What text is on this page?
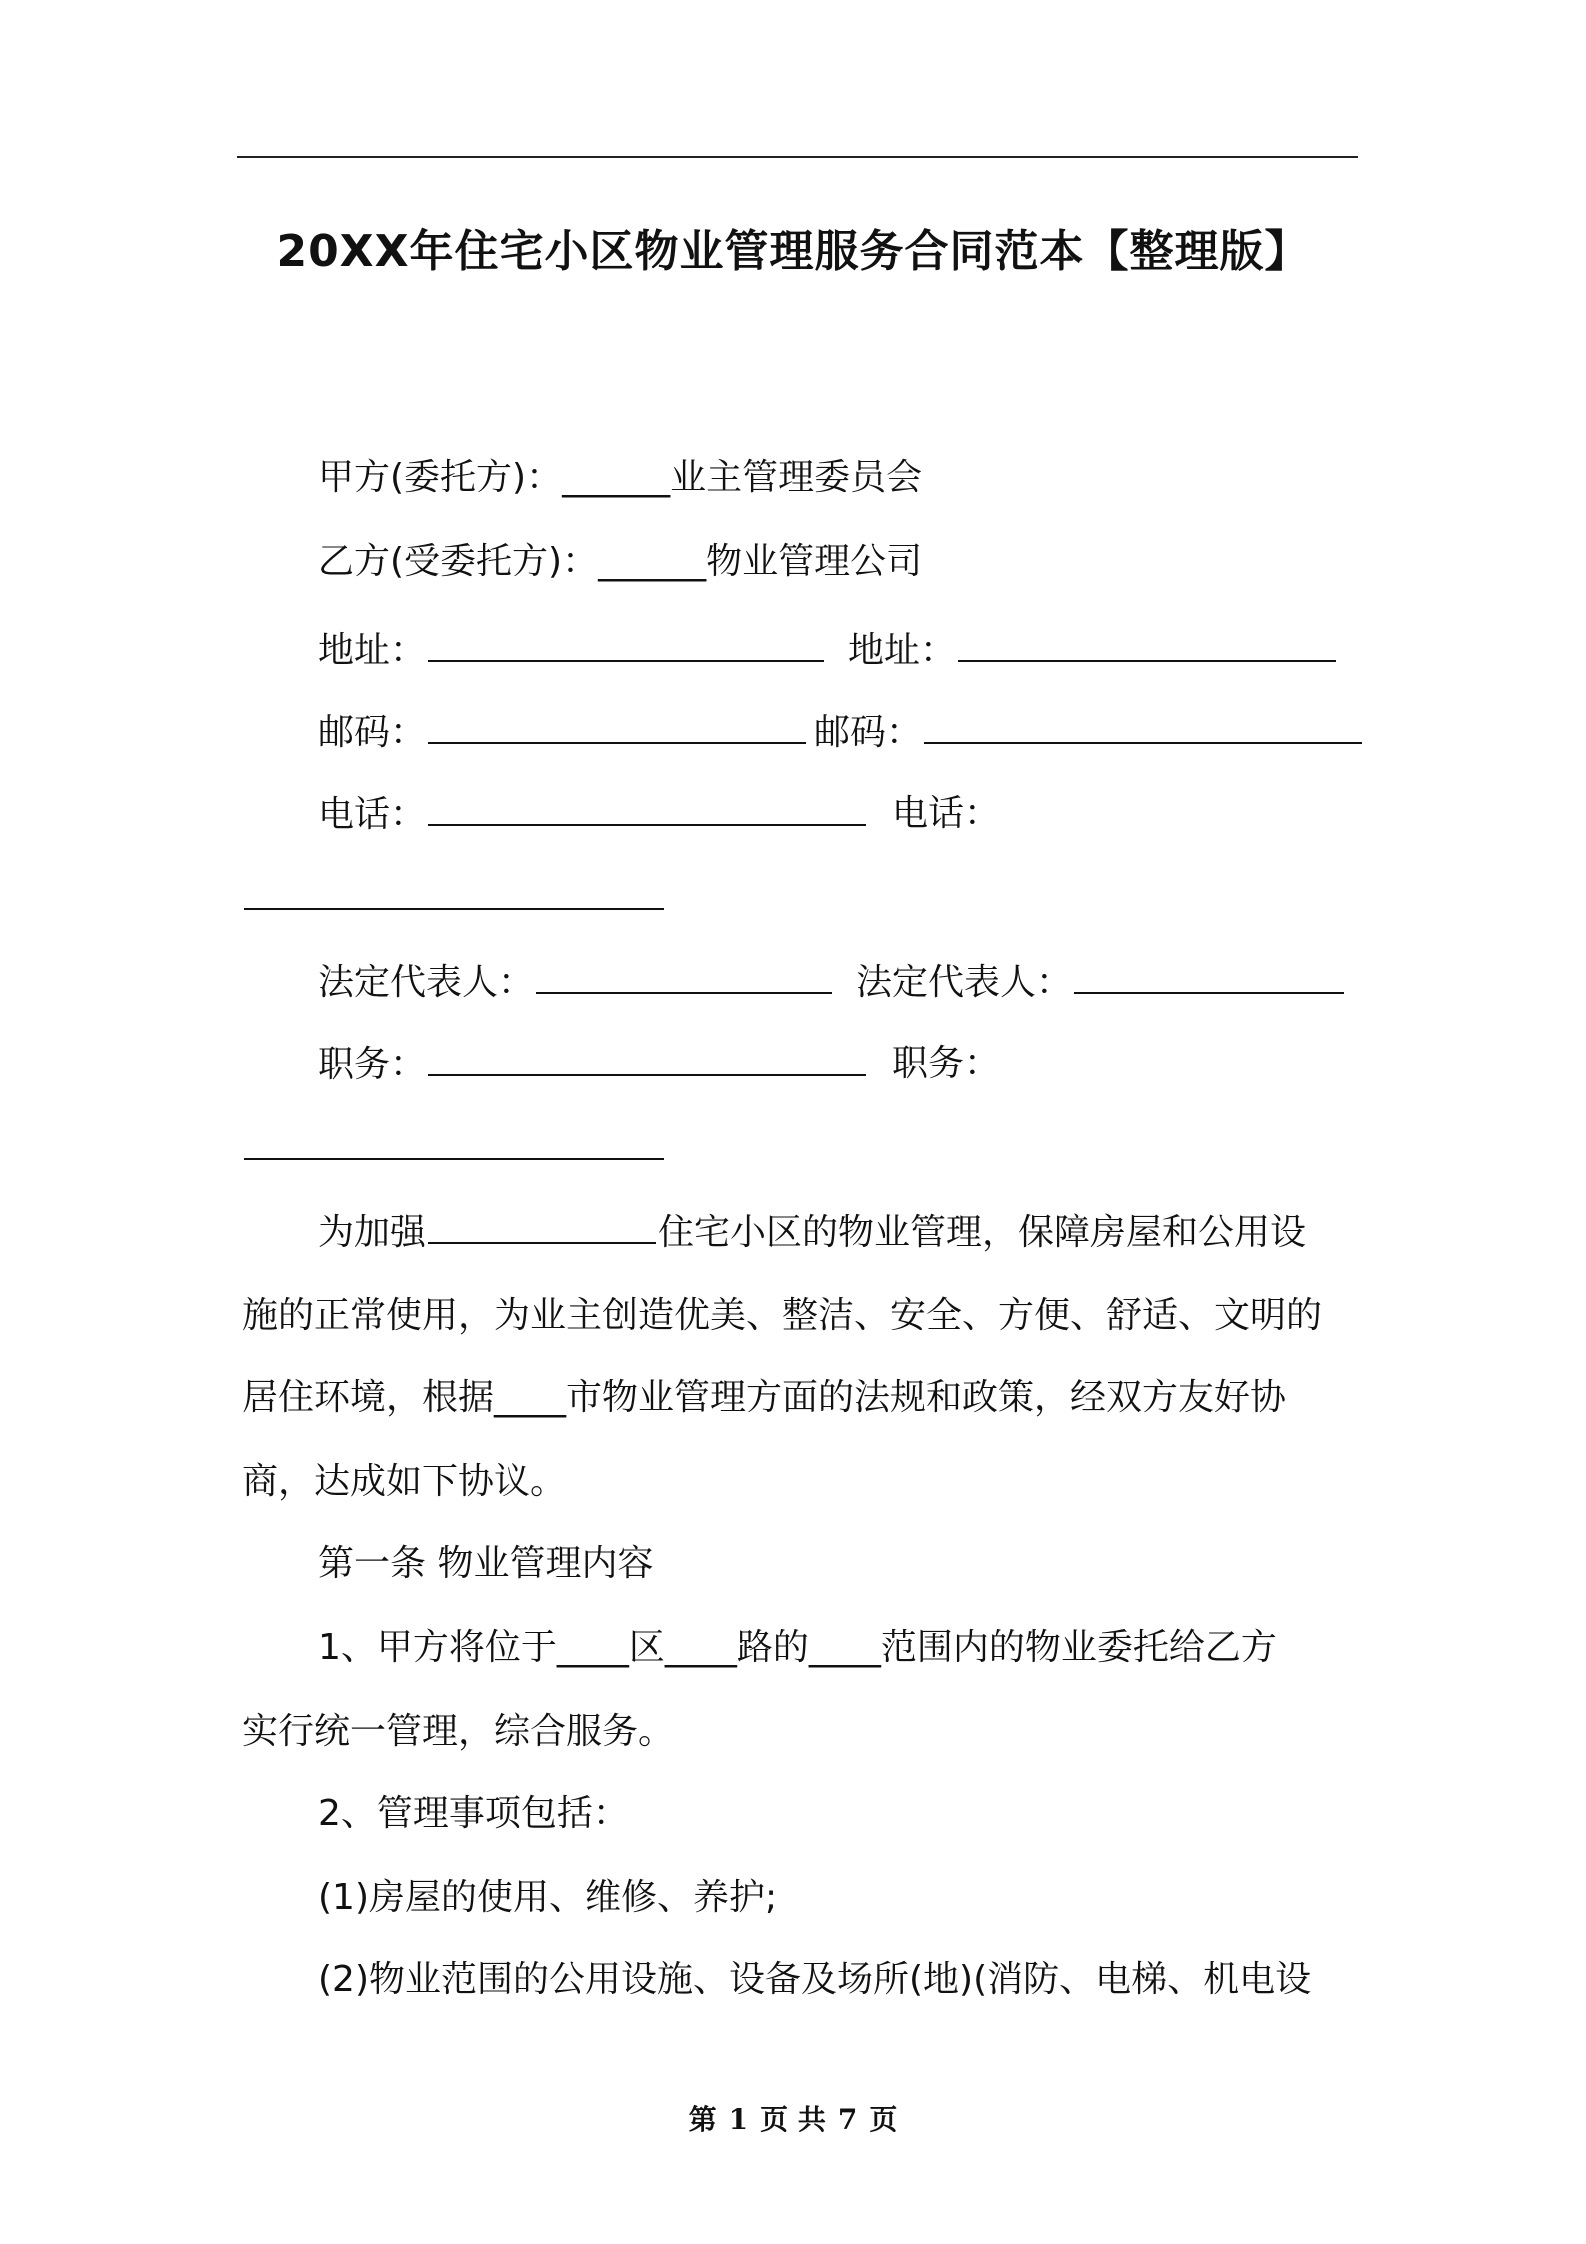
20XX年住宅小区物业管理服务合同范本【整理版】
甲方(委托方)：______业主管理委员会
乙方(受委托方)：______物业管理公司
地址：	地址：
邮码：	邮码：
电话：	电话：
法定代表人：	法定代表人：
职务：	职务：
为加强	住宅小区的物业管理，保障房屋和公用设
施的正常使用，为业主创造优美、整洁、安全、方便、舒适、文明的
居住环境，根据____市物业管理方面的法规和政策，经双方友好协
商，达成如下协议。
第一条 物业管理内容
1、甲方将位于____区____路的____范围内的物业委托给乙方
实行统一管理，综合服务。
2、管理事项包括：
(1)房屋的使用、维修、养护;
(2)物业范围的公用设施、设备及场所(地)(消防、电梯、机电设
第 1 页 共 7 页
